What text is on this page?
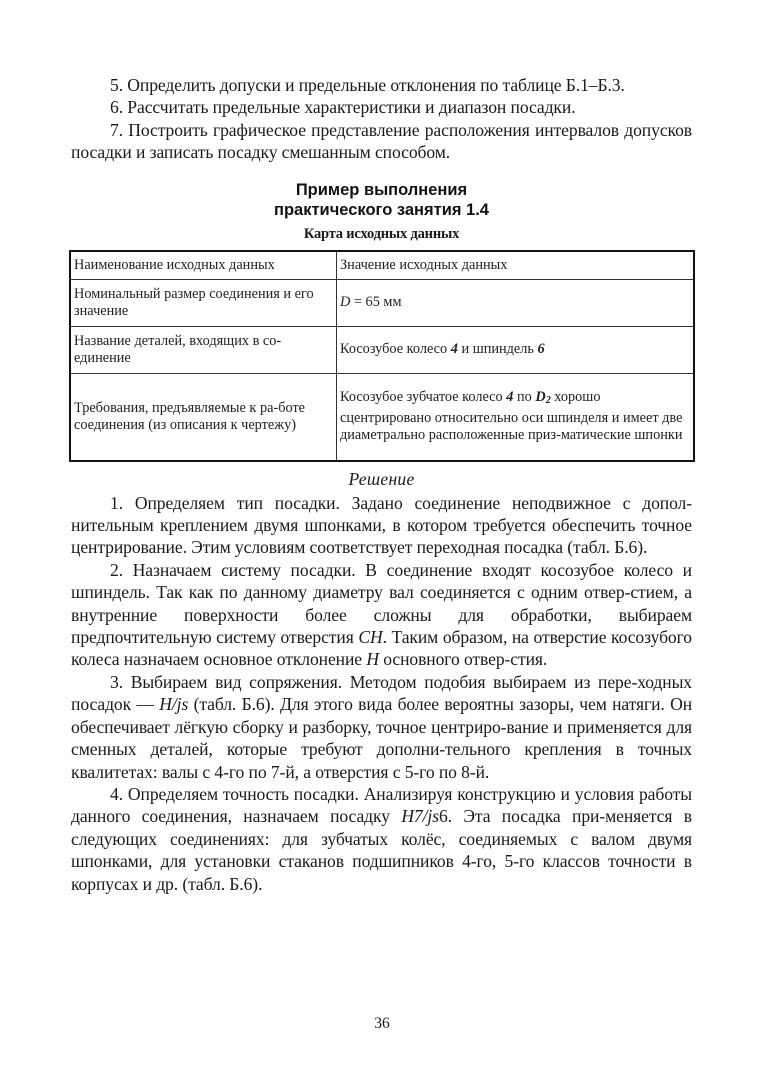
5. Определить допуски и предельные отклонения по таблице Б.1–Б.3.

6. Рассчитать предельные характеристики и диапазон посадки.

7. Построить графическое представление расположения интервалов допусков посадки и записать посадку смешанным способом.

Пример выполнения
практического занятия 1.4
Карта исходных данных
Наименование исходных данных	Значение исходных данных
Номинальный размер соединения и его значение	D = 65 мм
Название деталей, входящих в со-единение	Косозубое колесо 4 и шпиндель 6
Требования, предъявляемые к ра-боте соединения (из описания к чертежу)	Косозубое зубчатое колесо 4 по $D_2$ хорошо сцентрировано относительно оси шпинделя и имеет две диаметрально расположенные приз-матические шпонки
Решение

1. Определяем тип посадки. Задано соединение неподвижное с допол-нительным креплением двумя шпонками, в котором требуется обеспечить точное центрирование. Этим условиям соответствует переходная посадка (табл. Б.6).

2. Назначаем систему посадки. В соединение входят косозубое колесо и шпиндель. Так как по данному диаметру вал соединяется с одним отвер-стием, а внутренние поверхности более сложны для обработки, выбираем предпочтительную систему отверстия СН. Таким образом, на отверстие косозубого колеса назначаем основное отклонение Н основного отвер-стия.

3. Выбираем вид сопряжения. Методом подобия выбираем из пере-ходных посадок — H/js (табл. Б.6). Для этого вида более вероятны зазоры, чем натяги. Он обеспечивает лёгкую сборку и разборку, точное центриро-вание и применяется для сменных деталей, которые требуют дополни-тельного крепления в точных квалитетах: валы с 4-го по 7-й, а отверстия с 5-го по 8-й.

4. Определяем точность посадки. Анализируя конструкцию и условия работы данного соединения, назначаем посадку H7/js6. Эта посадка при-меняется в следующих соединениях: для зубчатых колёс, соединяемых с валом двумя шпонками, для установки стаканов подшипников 4-го, 5-го классов точности в корпусах и др. (табл. Б.6).

36
